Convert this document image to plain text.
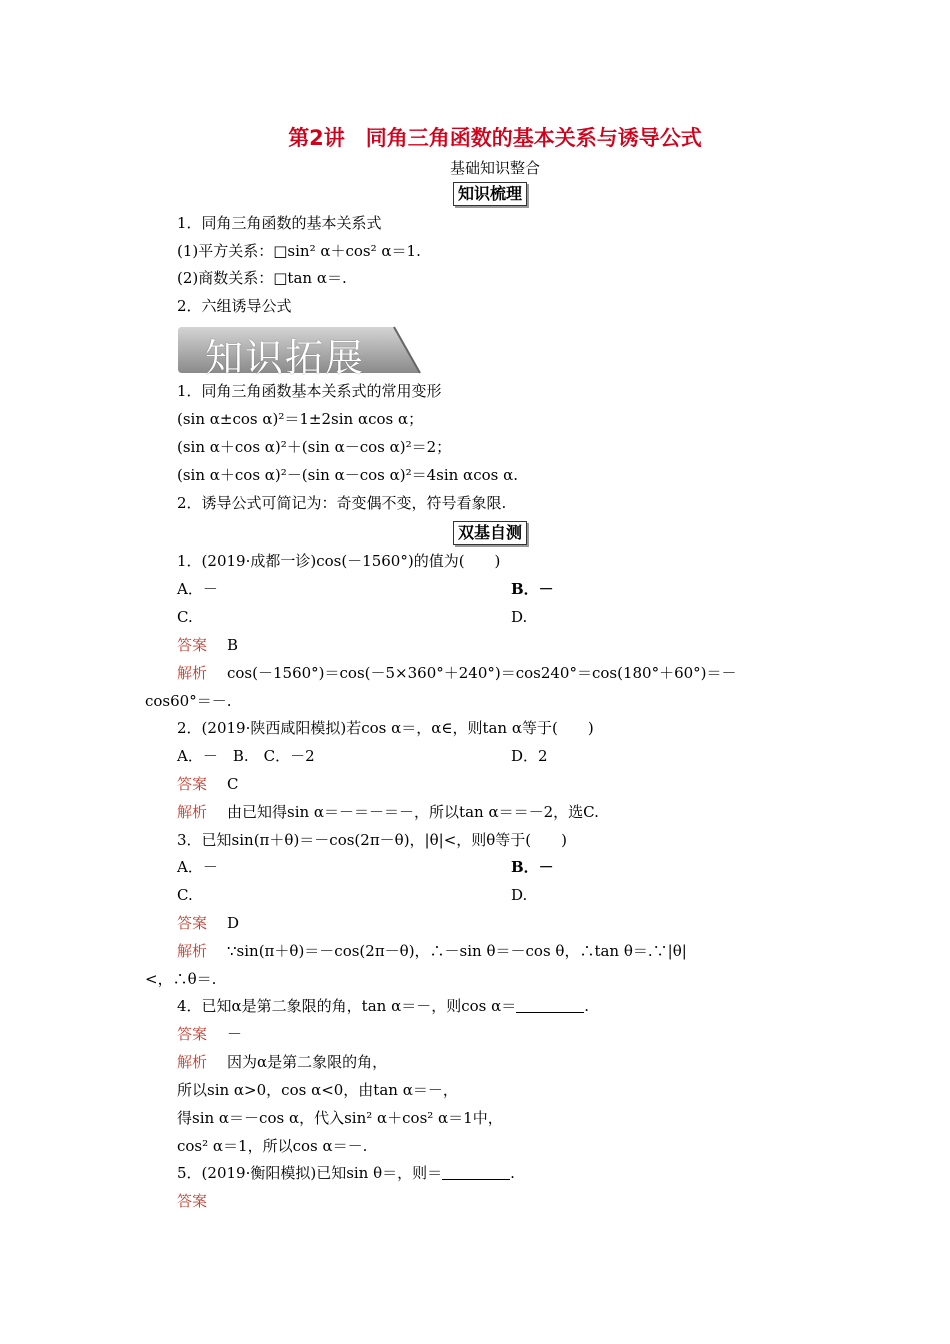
第2讲　同角三角函数的基本关系与诱导公式
基础知识整合
知识梳理
1．同角三角函数的基本关系式
(1)平方关系：□sin² α＋cos² α＝1.
(2)商数关系：□tan α＝.
2．六组诱导公式
知识拓展
1．同角三角函数基本关系式的常用变形
(sin α±cos α)²＝1±2sin αcos α；
(sin α＋cos α)²＋(sin α－cos α)²＝2；
(sin α＋cos α)²－(sin α－cos α)²＝4sin αcos α.
2．诱导公式可简记为：奇变偶不变，符号看象限.
双基自测
1．(2019·成都一诊)cos(－1560°)的值为(　　)
A．－	B．－
C.	D.
答案 B
解析 cos(－1560°)＝cos(－5×360°＋240°)＝cos240°＝cos(180°＋60°)＝－
cos60°＝－.
2．(2019·陕西咸阳模拟)若cos α＝，α∈，则tan α等于(　　)
A．－　B.　C．－2	D．2
答案 C
解析 由已知得sin α＝－＝－＝－，所以tan α＝＝－2，选C.
3．已知sin(π＋θ)＝－cos(2π－θ)，|θ|<，则θ等于(　　)
A．－	B．－
C.	D.
答案 D
解析 ∵sin(π＋θ)＝－cos(2π－θ)，∴－sin θ＝－cos θ，∴tan θ＝.∵|θ|
<，∴θ＝.
4．已知α是第二象限的角，tan α＝－，则cos α＝	.
答案 －
解析 因为α是第二象限的角，
所以sin α>0，cos α<0，由tan α＝－，
得sin α＝－cos α，代入sin² α＋cos² α＝1中，
cos² α＝1，所以cos α＝－.
5．(2019·衡阳模拟)已知sin θ＝，则＝	.
答案
